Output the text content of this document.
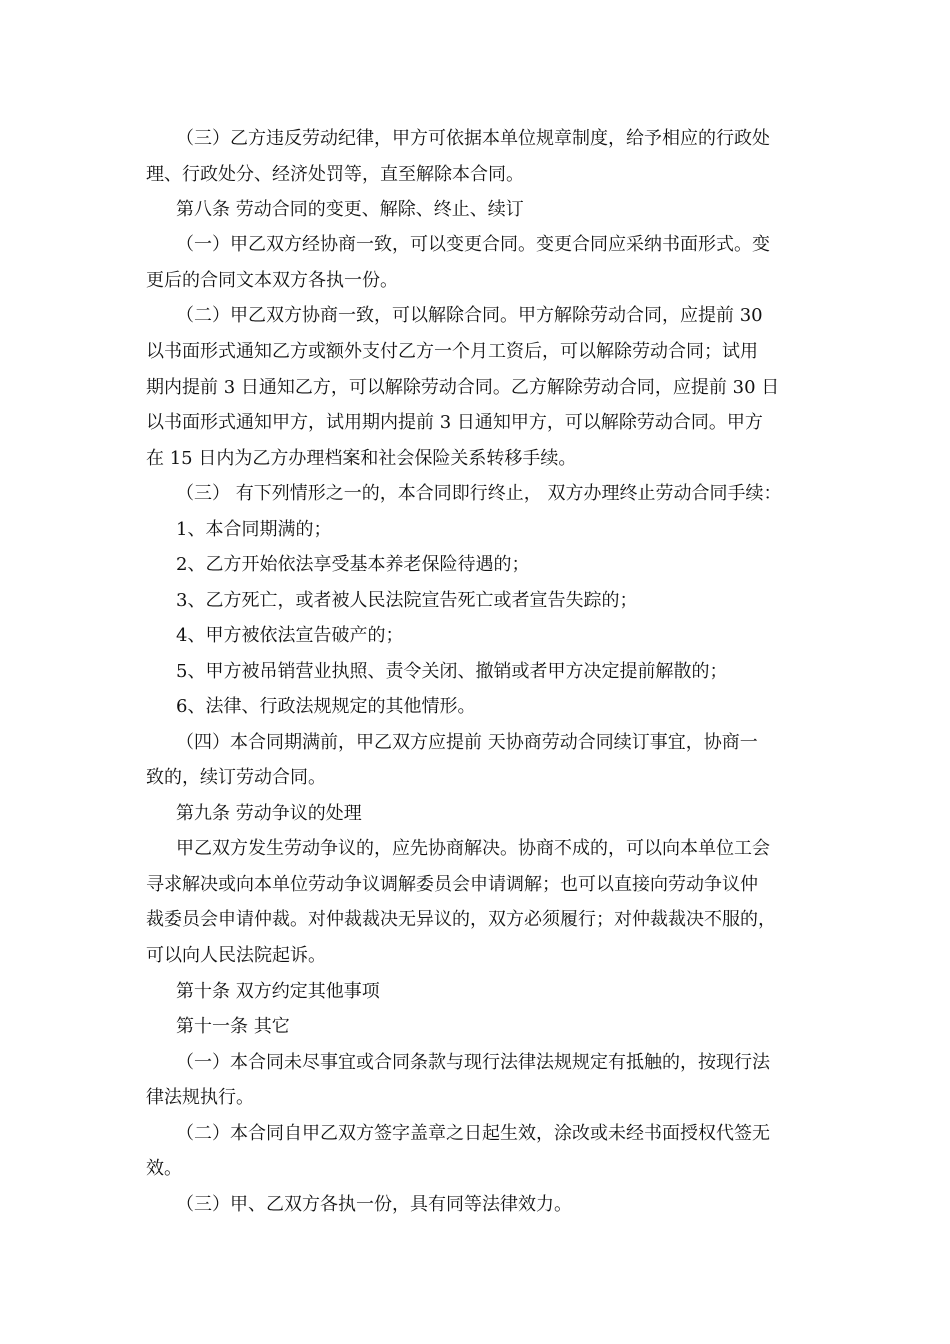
（三）乙方违反劳动纪律，甲方可依据本单位规章制度，给予相应的行政处
理、行政处分、经济处罚等，直至解除本合同。
第八条 劳动合同的变更、解除、终止、续订
（一）甲乙双方经协商一致，可以变更合同。变更合同应采纳书面形式。变
更后的合同文本双方各执一份。
（二）甲乙双方协商一致，可以解除合同。甲方解除劳动合同，应提前 30
以书面形式通知乙方或额外支付乙方一个月工资后，可以解除劳动合同；试用
期内提前 3 日通知乙方，可以解除劳动合同。乙方解除劳动合同，应提前 30 日
以书面形式通知甲方，试用期内提前 3 日通知甲方，可以解除劳动合同。甲方
在 15 日内为乙方办理档案和社会保险关系转移手续。
（三） 有下列情形之一的，本合同即行终止， 双方办理终止劳动合同手续：
1、本合同期满的；
2、乙方开始依法享受基本养老保险待遇的；
3、乙方死亡，或者被人民法院宣告死亡或者宣告失踪的；
4、甲方被依法宣告破产的；
5、甲方被吊销营业执照、责令关闭、撤销或者甲方决定提前解散的；
6、法律、行政法规规定的其他情形。
（四）本合同期满前，甲乙双方应提前 天协商劳动合同续订事宜，协商一
致的，续订劳动合同。
第九条 劳动争议的处理
甲乙双方发生劳动争议的，应先协商解决。协商不成的，可以向本单位工会
寻求解决或向本单位劳动争议调解委员会申请调解；也可以直接向劳动争议仲
裁委员会申请仲裁。对仲裁裁决无异议的，双方必须履行；对仲裁裁决不服的，
可以向人民法院起诉。
第十条 双方约定其他事项
第十一条 其它
（一）本合同未尽事宜或合同条款与现行法律法规规定有抵触的，按现行法
律法规执行。
（二）本合同自甲乙双方签字盖章之日起生效，涂改或未经书面授权代签无
效。
（三）甲、乙双方各执一份，具有同等法律效力。
